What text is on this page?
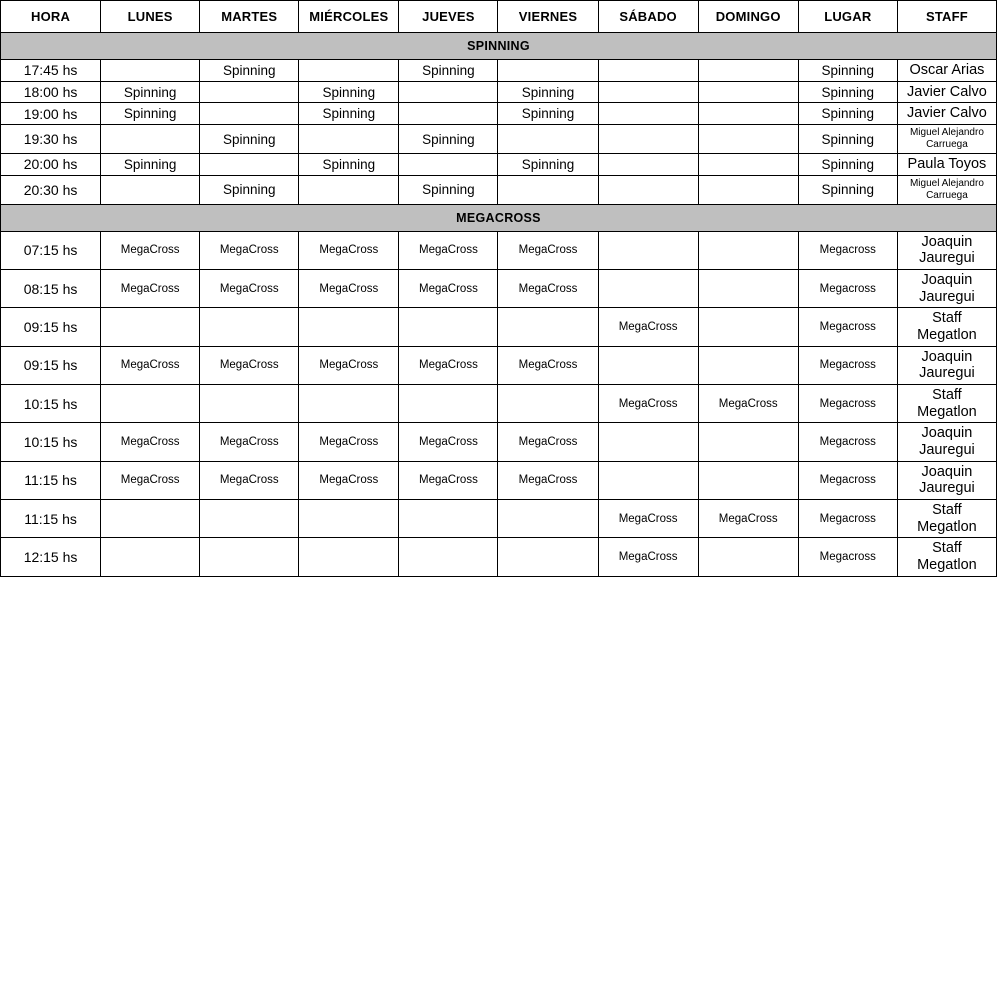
HORA	LUNES	MARTES	MIÉRCOLES	JUEVES	VIERNES	SÁBADO	DOMINGO	LUGAR	STAFF
SPINNING									
17:45 hs		Spinning		Spinning				Spinning	Oscar Arias
18:00 hs	Spinning		Spinning		Spinning			Spinning	Javier Calvo
19:00 hs	Spinning		Spinning		Spinning			Spinning	Javier Calvo
19:30 hs		Spinning		Spinning				Spinning	Miguel Alejandro Carruega
20:00 hs	Spinning		Spinning		Spinning			Spinning	Paula Toyos
20:30 hs		Spinning		Spinning				Spinning	Miguel Alejandro Carruega
MEGACROSS									
07:15 hs	MegaCross	MegaCross	MegaCross	MegaCross	MegaCross			Megacross	Joaquin Jauregui
08:15 hs	MegaCross	MegaCross	MegaCross	MegaCross	MegaCross			Megacross	Joaquin Jauregui
09:15 hs						MegaCross		Megacross	Staff Megatlon
09:15 hs	MegaCross	MegaCross	MegaCross	MegaCross	MegaCross			Megacross	Joaquin Jauregui
10:15 hs						MegaCross	MegaCross	Megacross	Staff Megatlon
10:15 hs	MegaCross	MegaCross	MegaCross	MegaCross	MegaCross			Megacross	Joaquin Jauregui
11:15 hs	MegaCross	MegaCross	MegaCross	MegaCross	MegaCross			Megacross	Joaquin Jauregui
11:15 hs						MegaCross	MegaCross	Megacross	Staff Megatlon
12:15 hs						MegaCross		Megacross	Staff Megatlon
